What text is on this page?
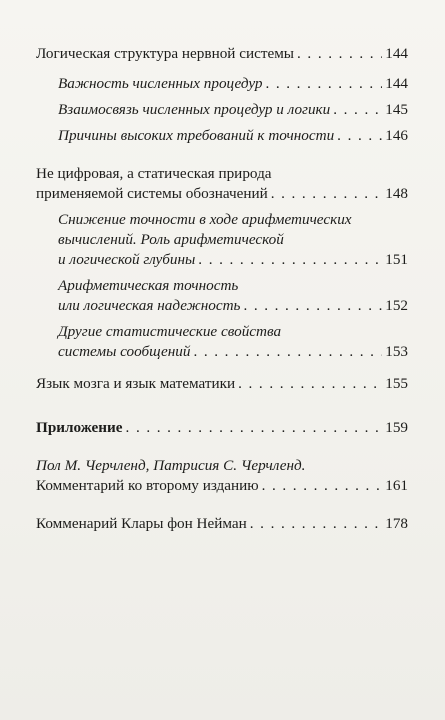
Логическая структура нервной системы . . .	144
Важность численных процедур . . .	144
Взаимосвязь численных процедур и логики . . .	145
Причины высоких требований к точности . . .	146
Не цифровая, а статическая природа
применяемой системы обозначений . . .	148
Снижение точности в ходе арифметических
вычислений. Роль арифметической
и логической глубины . . .	151
Арифметическая точность
или логическая надежность . . .	152
Другие статистические свойства
системы сообщений . . .	153
Язык мозга и язык математики . . .	155
Приложение . . .	159
Пол М. Черчленд, Патрисия С. Черчленд.
Комментарий ко второму изданию . . .	161
Комменарий Клары фон Нейман . . .	178
